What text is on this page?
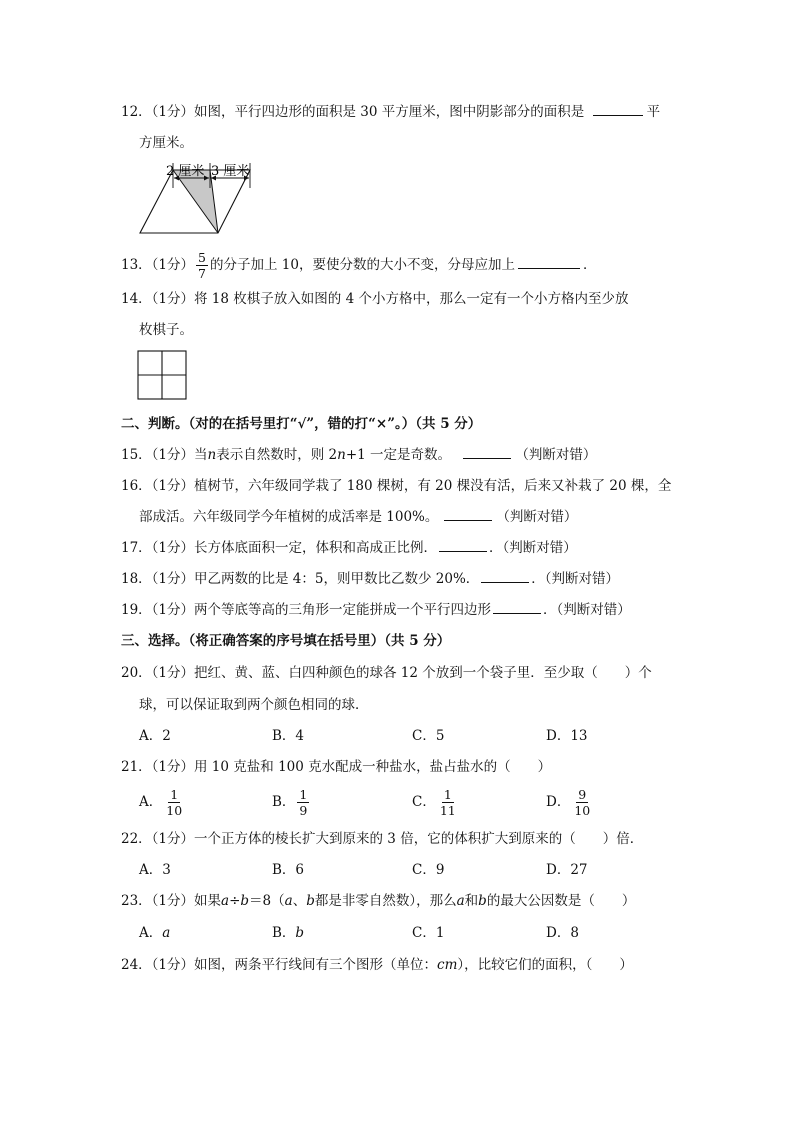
12．（1分）如图，平行四边形的面积是 30 平方厘米，图中阴影部分的面积是	平
方厘米。
2 厘米 3 厘米
13．（1分） $\frac{5}{7}$ 的分子加上 10，要使分数的大小不变，分母应加上	．
14．（1分）将 18 枚棋子放入如图的 4 个小方格中，那么一定有一个小方格内至少放
枚棋子。
二、判断。（对的在括号里打“√”，错的打“×”。）（共 5 分）
15．（1分）当n表示自然数时，则 2n+1 一定是奇数。	（判断对错）
16．（1分）植树节，六年级同学栽了 180 棵树，有 20 棵没有活，后来又补栽了 20 棵，全
部成活。六年级同学今年植树的成活率是 100%。	（判断对错）
17．（1分）长方体底面积一定，体积和高成正比例．	．（判断对错）
18．（1分）甲乙两数的比是 4：5，则甲数比乙数少 20%．	．（判断对错）
19．（1分）两个等底等高的三角形一定能拼成一个平行四边形	．（判断对错）
三、选择。（将正确答案的序号填在括号里）（共 5 分）
20．（1分）把红、黄、蓝、白四种颜色的球各 12 个放到一个袋子里．至少取（　　）个
球，可以保证取到两个颜色相同的球．
A．2	B．4	C．5	D．13
21．（1分）用 10 克盐和 100 克水配成一种盐水，盐占盐水的（　　）
A． $\frac{1}{10}$	B． $\frac{1}{9}$	C． $\frac{1}{11}$	D． $\frac{9}{10}$
22．（1分）一个正方体的棱长扩大到原来的 3 倍，它的体积扩大到原来的（　　）倍．
A．3	B．6	C．9	D．27
23．（1分）如果a÷b＝8（a、b都是非零自然数），那么a和b的最大公因数是（　　）
A．a	B．b	C．1	D．8
24．（1分）如图，两条平行线间有三个图形（单位：cm），比较它们的面积，（　　）
